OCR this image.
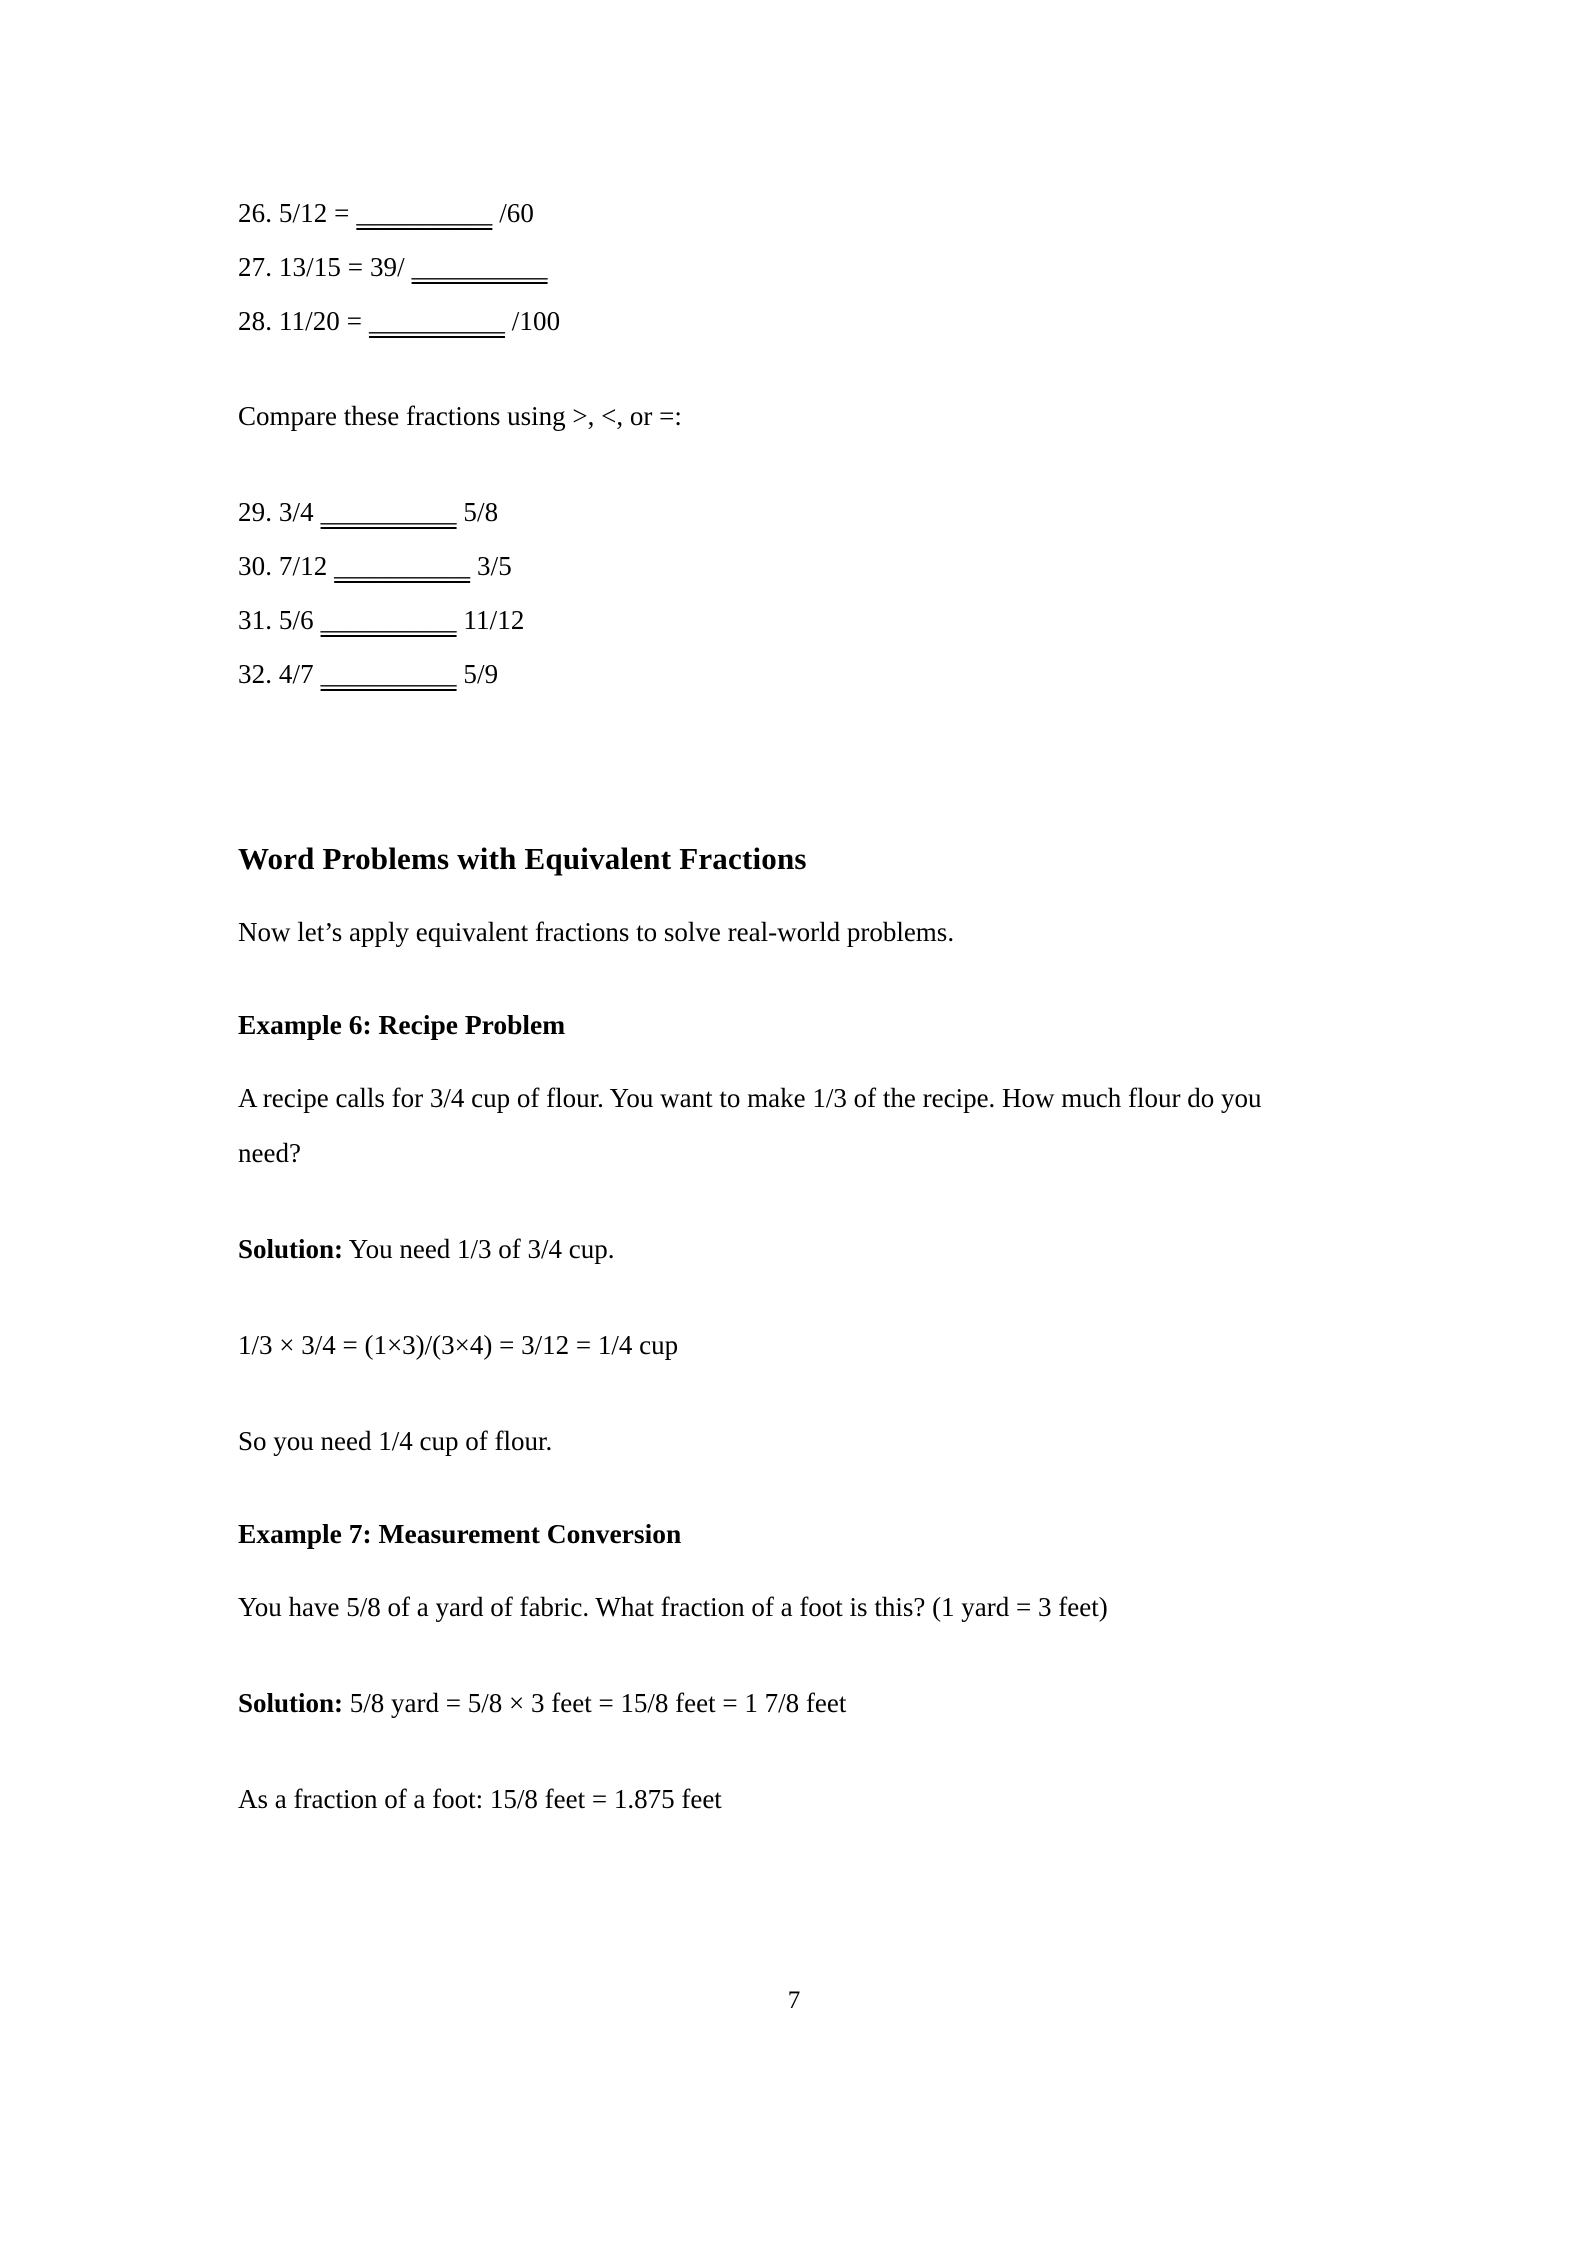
26. 5/12 = __________ /60
27. 13/15 = 39/ __________
28. 11/20 = __________ /100

Compare these fractions using >, <, or =:

29. 3/4 __________ 5/8
30. 7/12 __________ 3/5
31. 5/6 __________ 11/12
32. 4/7 __________ 5/9
Word Problems with Equivalent Fractions

Now let’s apply equivalent fractions to solve real-world problems.

Example 6: Recipe Problem

A recipe calls for 3/4 cup of flour. You want to make 1/3 of the recipe. How much flour do you need?

Solution: You need 1/3 of 3/4 cup.

1/3 × 3/4 = (1×3)/(3×4) = 3/12 = 1/4 cup

So you need 1/4 cup of flour.

Example 7: Measurement Conversion

You have 5/8 of a yard of fabric. What fraction of a foot is this? (1 yard = 3 feet)

Solution: 5/8 yard = 5/8 × 3 feet = 15/8 feet = 1 7/8 feet

As a fraction of a foot: 15/8 feet = 1.875 feet

7
